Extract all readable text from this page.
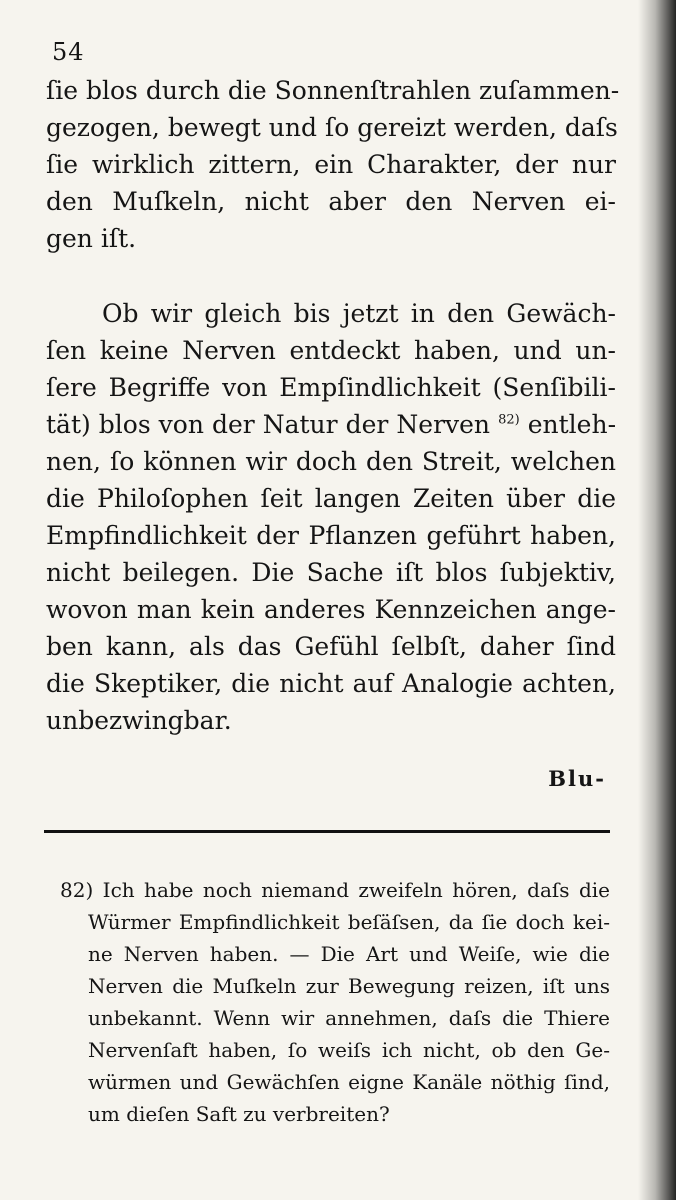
54
ſie blos durch die Sonnenſtrahlen zuſammen-
gezogen, bewegt und ſo gereizt werden, daſs
ſie wirklich zittern, ein Charakter, der nur
den Muſkeln, nicht aber den Nerven ei-
gen iſt.
Ob wir gleich bis jetzt in den Gewäch-
ſen keine Nerven entdeckt haben, und un-
ſere Begriffe von Empſindlichkeit (Senſibili-
tät) blos von der Natur der Nerven $^{82)}$ entleh-
nen, ſo können wir doch den Streit, welchen
die Philoſophen ſeit langen Zeiten über die
Empfindlichkeit der Pflanzen geführt haben,
nicht beilegen. Die Sache iſt blos ſubjektiv,
wovon man kein anderes Kennzeichen ange-
ben kann, als das Gefühl ſelbſt, daher ſind
die Skeptiker, die nicht auf Analogie achten,
unbezwingbar.
Blu-
82) Ich habe noch niemand zweifeln hören, daſs die
Würmer Empfindlichkeit beſäſsen, da ſie doch kei-
ne Nerven haben. — Die Art und Weiſe, wie die
Nerven die Muſkeln zur Bewegung reizen, iſt uns
unbekannt. Wenn wir annehmen, daſs die Thiere
Nervenſaft haben, ſo weiſs ich nicht, ob den Ge-
würmen und Gewächſen eigne Kanäle nöthig ſind,
um dieſen Saft zu verbreiten?
